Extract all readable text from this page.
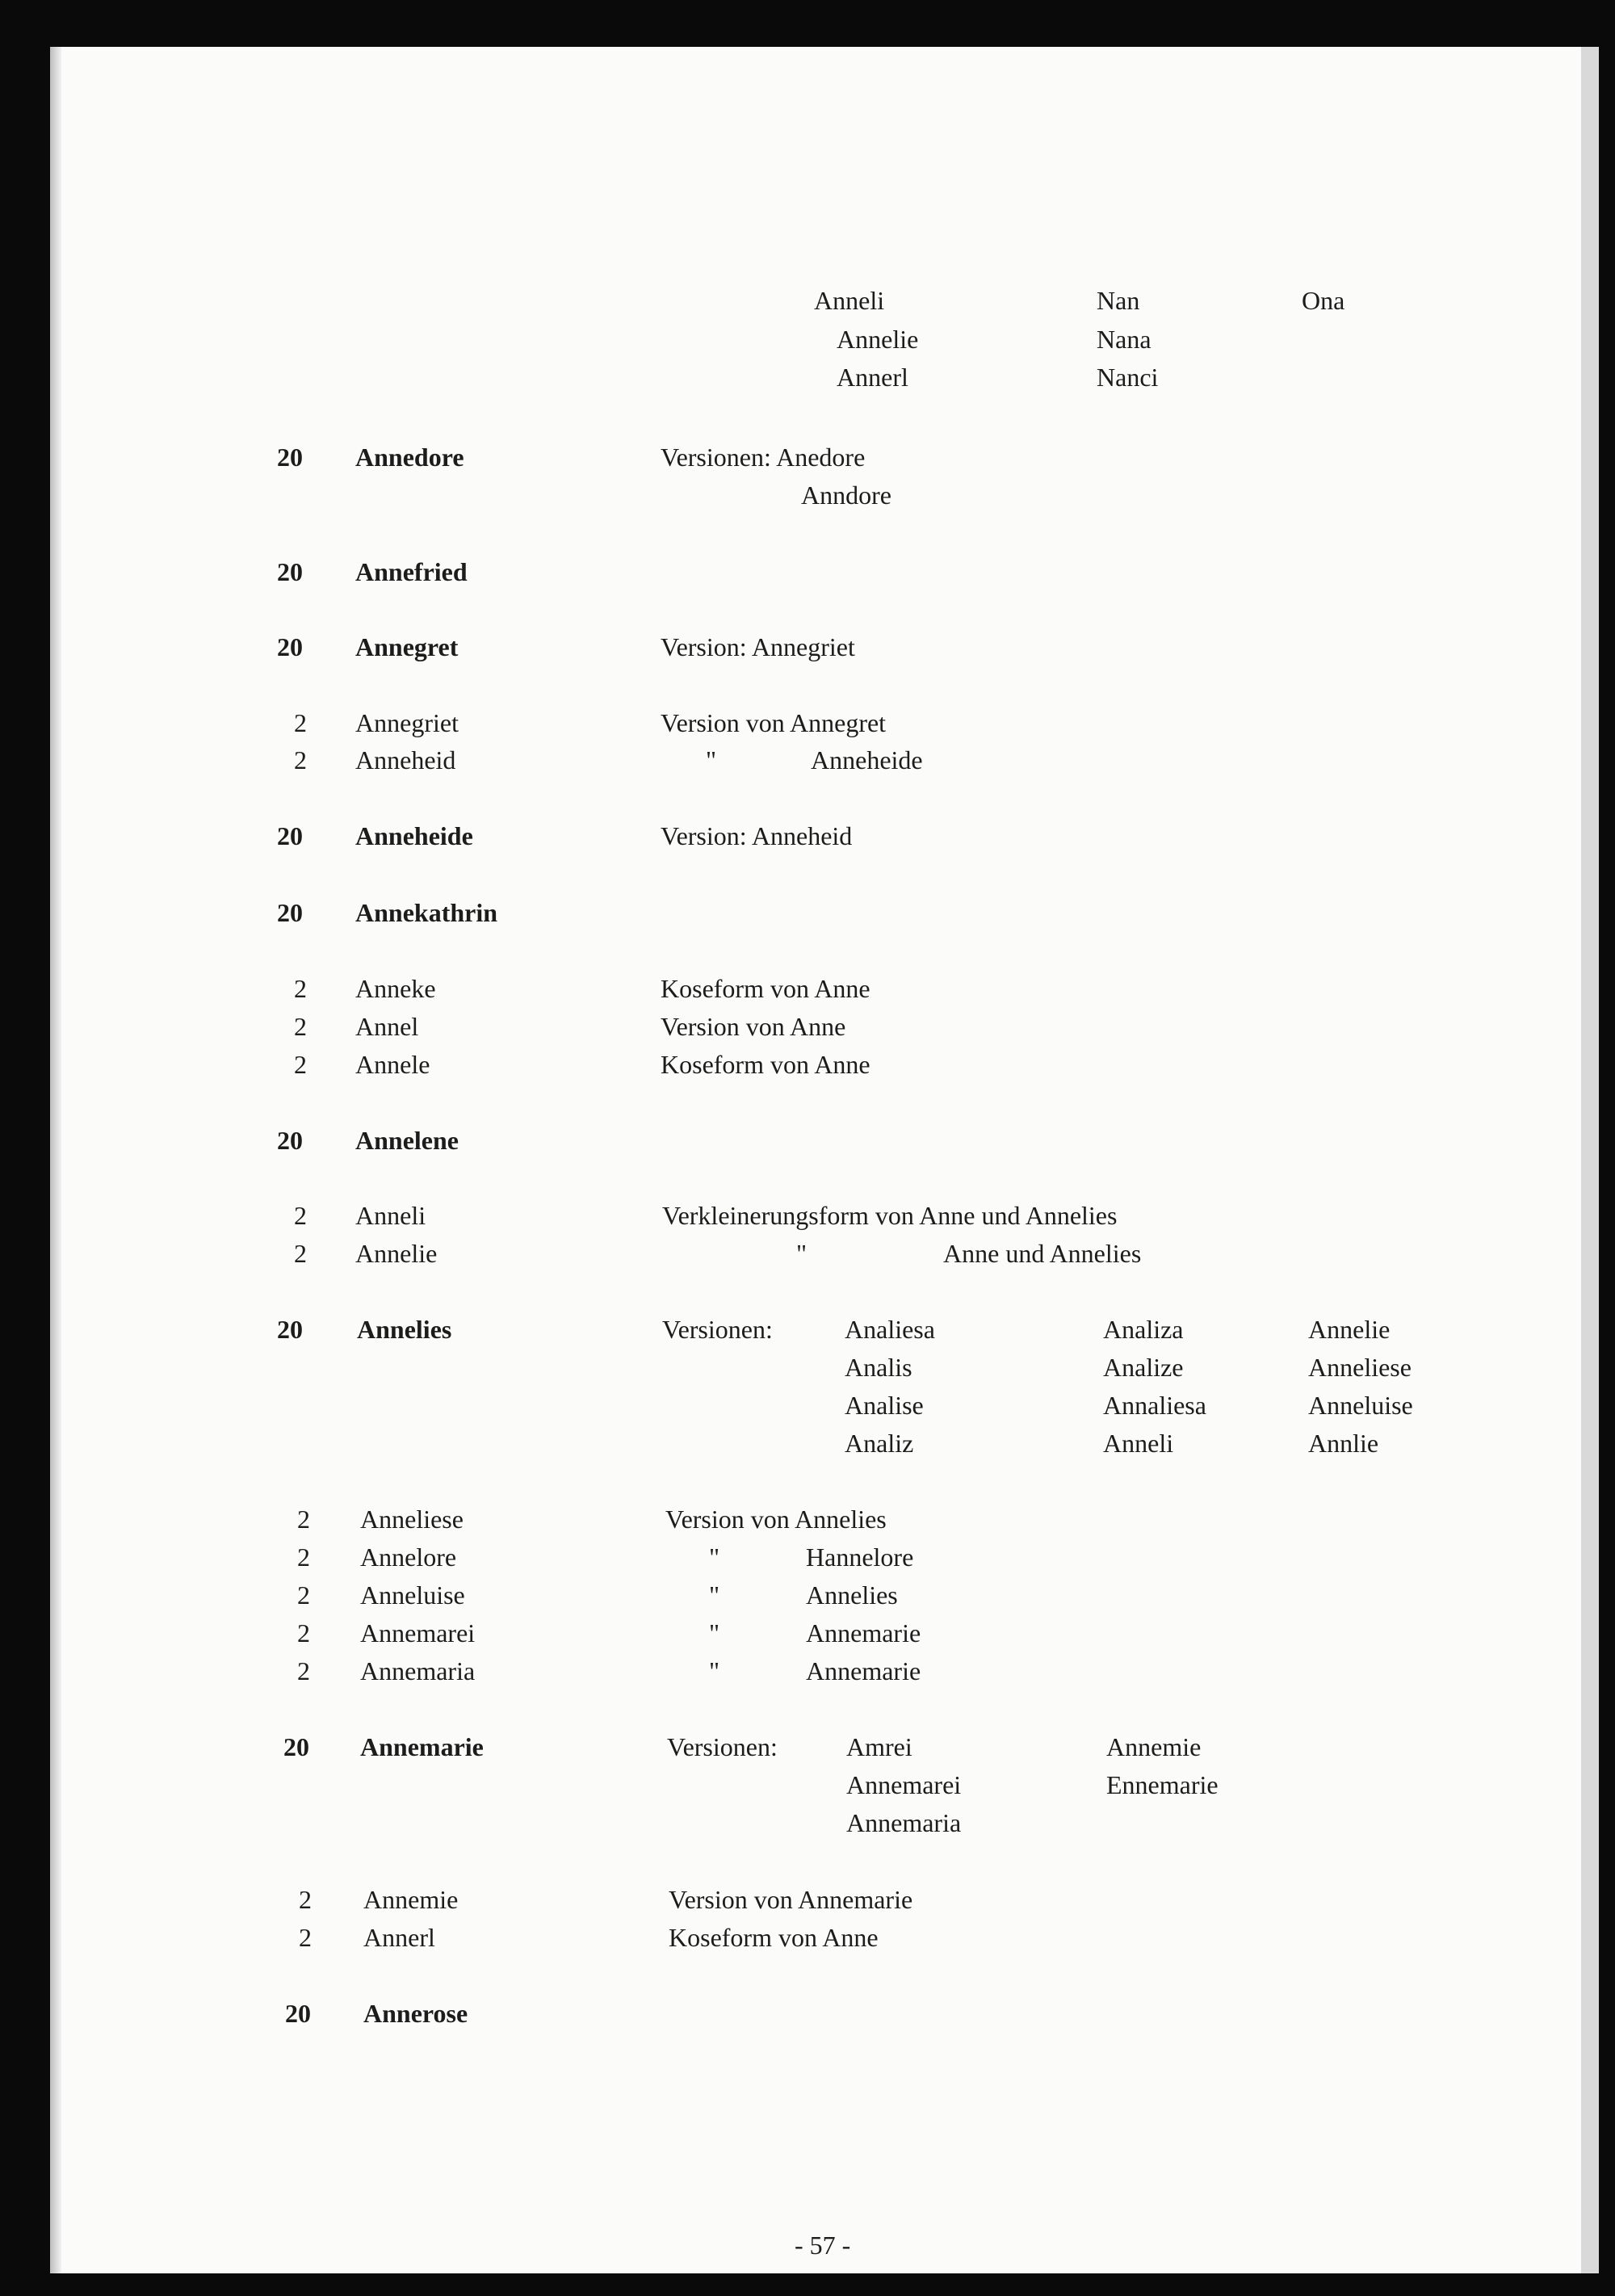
Anneli	Nan	Ona
Annelie	Nana
Annerl	Nanci
20 Annedore	Versionen: Anedore
Anndore
20 Annefried
20 Annegret	Version: Annegriet
2 Annegriet	Version von Annegret
2 Anneheid	"	Anneheide
20 Anneheide	Version: Anneheid
20 Annekathrin
2 Anneke	Koseform von Anne
2 Annel	Version von Anne
2 Annele	Koseform von Anne
20 Annelene
2 Anneli	Verkleinerungsform von Anne und Annelies
2 Annelie	"	Anne und Annelies
20 Annelies	Versionen:	Analiesa	Analiza	Annelie
Analis	Analize	Anneliese
Analise	Annaliesa	Anneluise
Analiz	Anneli	Annlie
2 Anneliese	Version von Annelies
2 Annelore	"	Hannelore
2 Anneluise	"	Annelies
2 Annemarei	"	Annemarie
2 Annemaria	"	Annemarie
20 Annemarie	Versionen:	Amrei	Annemie
Annemarei	Ennemarie
Annemaria
2 Annemie	Version von Annemarie
2 Annerl	Koseform von Anne
20 Annerose
- 57 -
